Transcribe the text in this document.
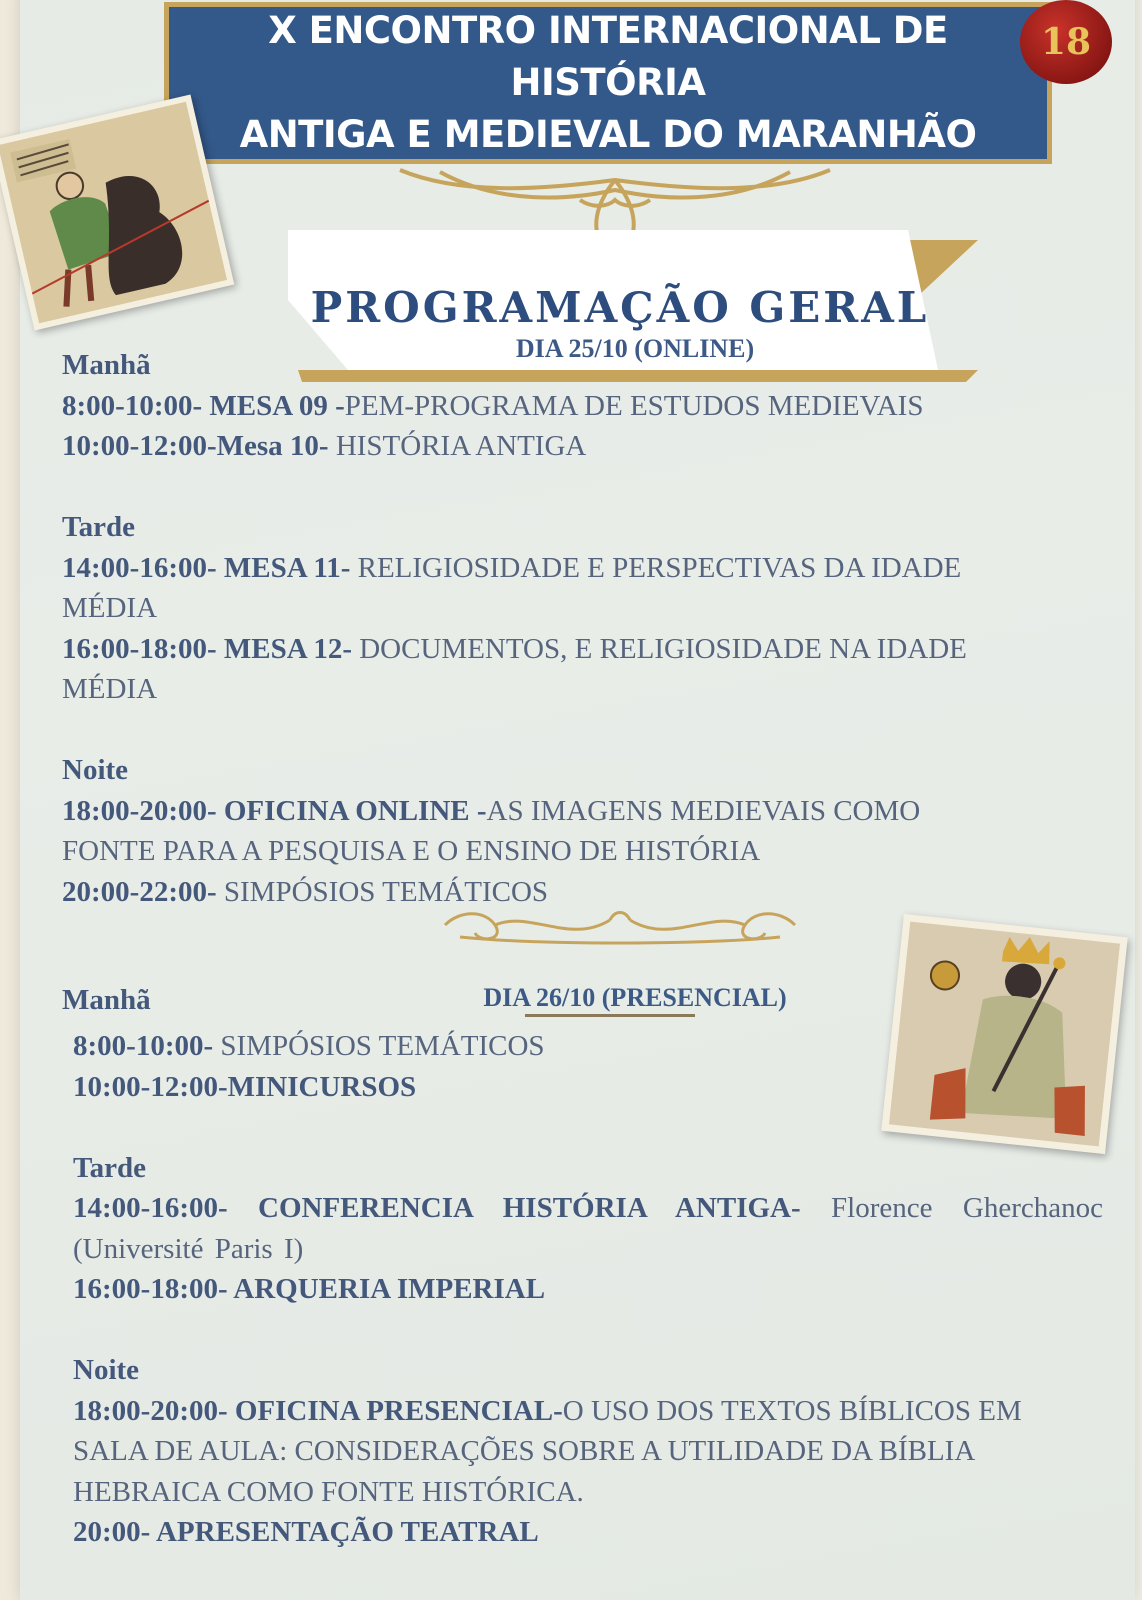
X ENCONTRO INTERNACIONAL DE HISTÓRIA
ANTIGA E MEDIEVAL DO MARANHÃO
18
PROGRAMAÇÃO GERAL
DIA 25/10 (ONLINE)
Manhã
8:00-10:00- MESA 09 -PEM-PROGRAMA DE ESTUDOS MEDIEVAIS
10:00-12:00-Mesa 10- HISTÓRIA ANTIGA
Tarde
14:00-16:00- MESA 11- RELIGIOSIDADE E PERSPECTIVAS DA IDADE MÉDIA
16:00-18:00- MESA 12- DOCUMENTOS, E RELIGIOSIDADE NA IDADE MÉDIA
Noite
18:00-20:00- OFICINA ONLINE -AS IMAGENS MEDIEVAIS COMO FONTE PARA A PESQUISA E O ENSINO DE HISTÓRIA
20:00-22:00- SIMPÓSIOS TEMÁTICOS
DIA 26/10 (PRESENCIAL)
Manhã
8:00-10:00- SIMPÓSIOS TEMÁTICOS
10:00-12:00-MINICURSOS
Tarde
14:00-16:00- CONFERENCIA HISTÓRIA ANTIGA- Florence Gherchanoc (Université Paris I)
16:00-18:00- ARQUERIA IMPERIAL
Noite
18:00-20:00- OFICINA PRESENCIAL-O USO DOS TEXTOS BÍBLICOS EM SALA DE AULA: CONSIDERAÇÕES SOBRE A UTILIDADE DA BÍBLIA HEBRAICA COMO FONTE HISTÓRICA.
20:00- APRESENTAÇÃO TEATRAL
